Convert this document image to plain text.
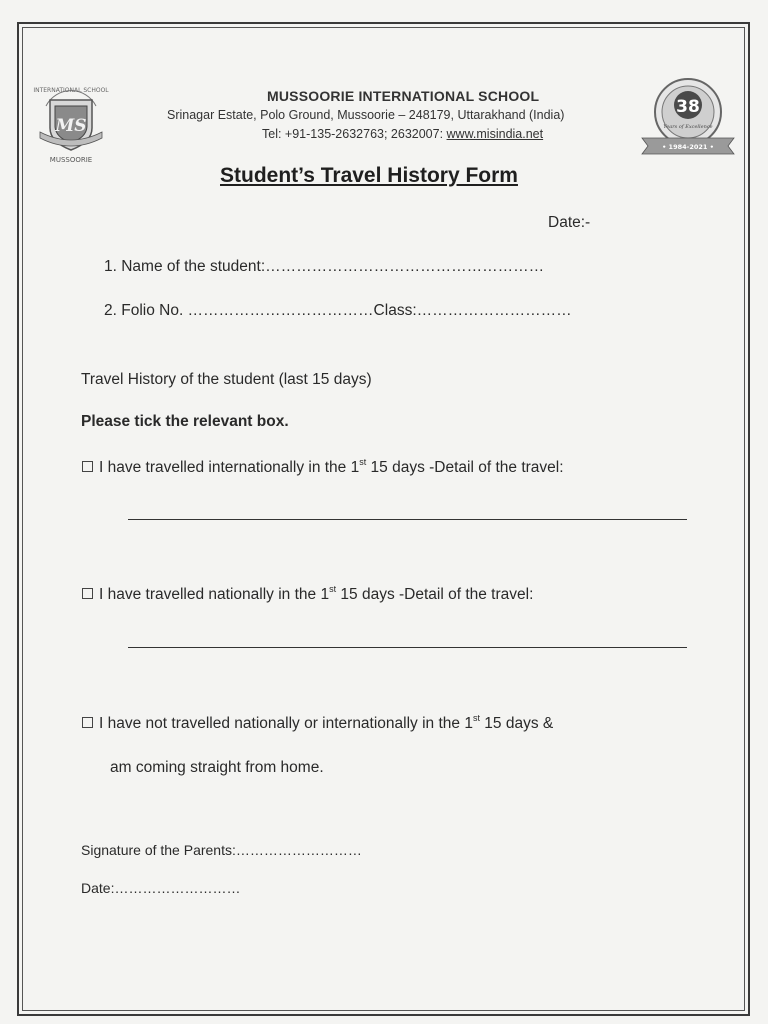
INTERNATIONAL SCHOOL
MS
MUSSOORIE
38
Years of Excellence
• 1984-2021 •
MUSSOORIE INTERNATIONAL SCHOOL
Srinagar Estate, Polo Ground, Mussoorie – 248179, Uttarakhand (India)
Tel: +91-135-2632763; 2632007: www.misindia.net
Student’s Travel History Form
Date:-
1. Name of the student:………………………………………………
2. Folio No. ………………………………Class:…………………………
Travel History of the student (last 15 days)
Please tick the relevant box.
I have travelled internationally in the 1st 15 days -Detail of the travel:
I have travelled nationally in the 1st 15 days -Detail of the travel:
I have not travelled nationally or internationally in the 1st 15 days &
am coming straight from home.
Signature of the Parents:………………………
Date:………………………
